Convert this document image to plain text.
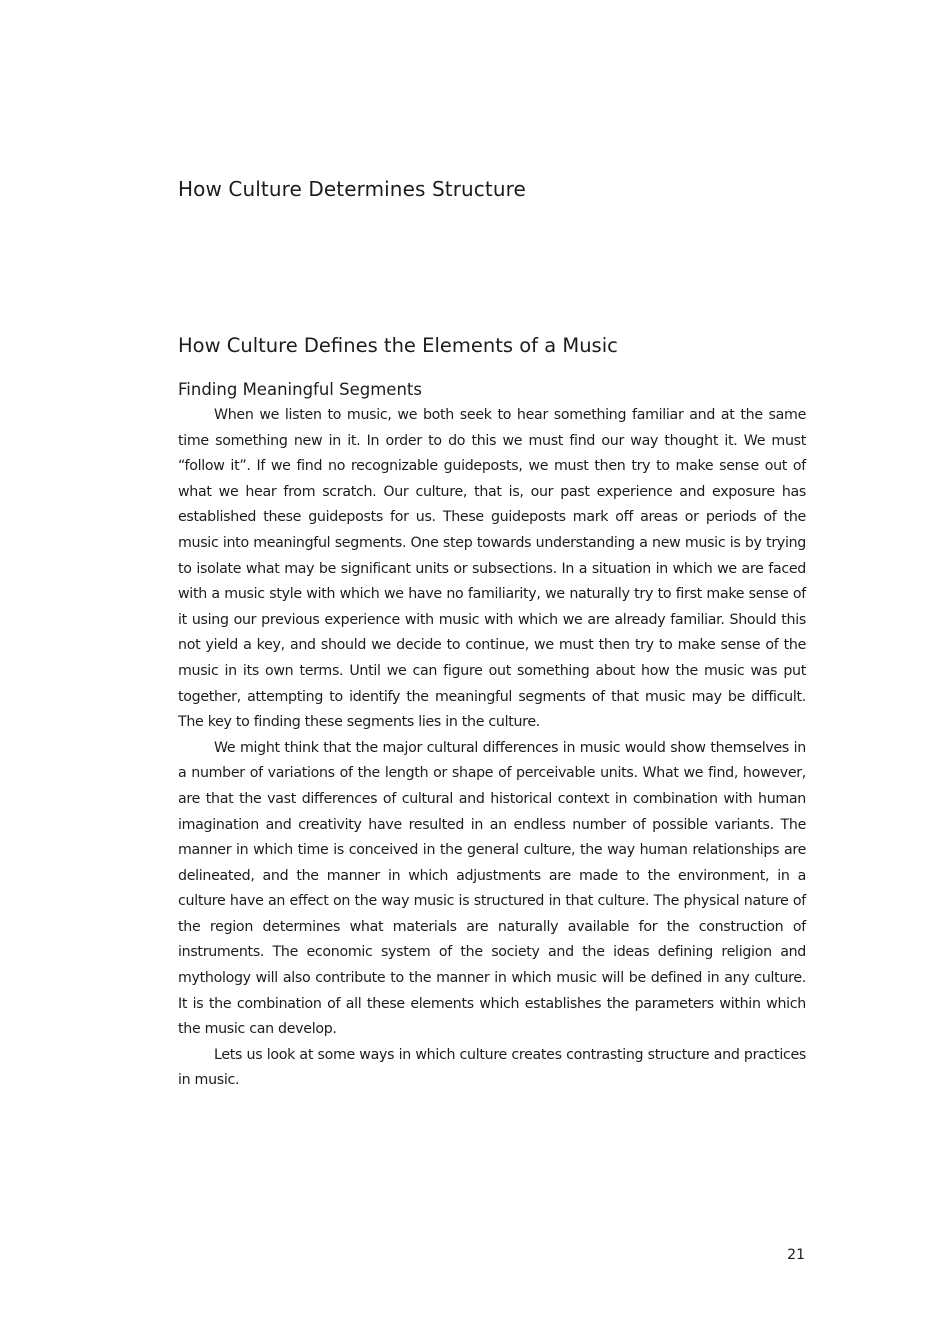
How Culture Determines Structure
How Culture Defines the Elements of a Music
Finding Meaningful Segments

When we listen to music, we both seek to hear something familiar and at the same time something new in it. In order to do this we must find our way thought it. We must “follow it”. If we find no recognizable guideposts, we must then try to make sense out of what we hear from scratch. Our culture, that is, our past experience and exposure has established these guideposts for us. These guideposts mark off areas or periods of the music into meaningful segments. One step towards understanding a new music is by trying to isolate what may be significant units or subsections. In a situation in which we are faced with a music style with which we have no familiarity, we naturally try to first make sense of it using our previous experience with music with which we are already familiar. Should this not yield a key, and should we decide to continue, we must then try to make sense of the music in its own terms. Until we can figure out something about how the music was put together, attempting to identify the meaningful segments of that music may be difficult. The key to finding these segments lies in the culture.

We might think that the major cultural differences in music would show themselves in a number of variations of the length or shape of perceivable units. What we find, however, are that the vast differences of cultural and historical context in combination with human imagination and creativity have resulted in an endless number of possible variants. The manner in which time is conceived in the general culture, the way human relationships are delineated, and the manner in which adjustments are made to the environment, in a culture have an effect on the way music is structured in that culture. The physical nature of the region determines what materials are naturally available for the construction of instruments. The economic system of the society and the ideas defining religion and mythology will also contribute to the manner in which music will be defined in any culture. It is the combination of all these elements which establishes the parameters within which the music can develop.

Lets us look at some ways in which culture creates contrasting structure and practices in music.

21
